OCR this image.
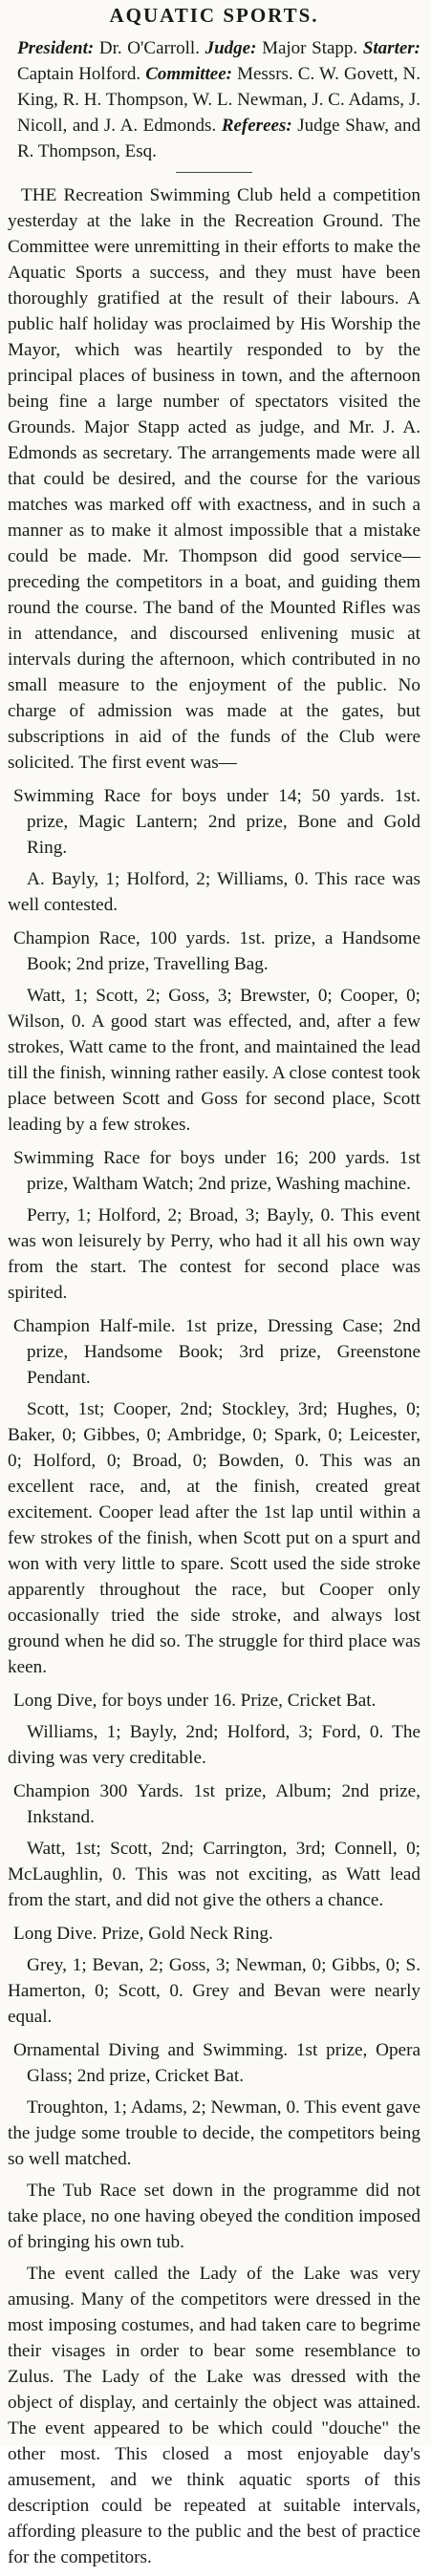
AQUATIC SPORTS.
President: Dr. O'Carroll. Judge: Major Stapp. Starter: Captain Holford. Committee: Messrs. C. W. Govett, N. King, R. H. Thompson, W. L. Newman, J. C. Adams, J. Nicoll, and J. A. Edmonds. Referees: Judge Shaw, and R. Thompson, Esq.

THE Recreation Swimming Club held a competition yesterday at the lake in the Recreation Ground. The Committee were unremitting in their efforts to make the Aquatic Sports a success, and they must have been thoroughly gratified at the result of their labours. A public half holiday was proclaimed by His Worship the Mayor, which was heartily responded to by the principal places of business in town, and the afternoon being fine a large number of spectators visited the Grounds. Major Stapp acted as judge, and Mr. J. A. Edmonds as secretary. The arrangements made were all that could be desired, and the course for the various matches was marked off with exactness, and in such a manner as to make it almost impossible that a mistake could be made. Mr. Thompson did good service—preceding the competitors in a boat, and guiding them round the course. The band of the Mounted Rifles was in attendance, and discoursed enlivening music at intervals during the afternoon, which contributed in no small measure to the enjoyment of the public. No charge of admission was made at the gates, but subscriptions in aid of the funds of the Club were solicited. The first event was—

Swimming Race for boys under 14; 50 yards. 1st. prize, Magic Lantern; 2nd prize, Bone and Gold Ring.

A. Bayly, 1; Holford, 2; Williams, 0. This race was well contested.

Champion Race, 100 yards. 1st. prize, a Handsome Book; 2nd prize, Travelling Bag.

Watt, 1; Scott, 2; Goss, 3; Brewster, 0; Cooper, 0; Wilson, 0. A good start was effected, and, after a few strokes, Watt came to the front, and maintained the lead till the finish, winning rather easily. A close contest took place between Scott and Goss for second place, Scott leading by a few strokes.

Swimming Race for boys under 16; 200 yards. 1st prize, Waltham Watch; 2nd prize, Washing machine.

Perry, 1; Holford, 2; Broad, 3; Bayly, 0. This event was won leisurely by Perry, who had it all his own way from the start. The contest for second place was spirited.

Champion Half-mile. 1st prize, Dressing Case; 2nd prize, Handsome Book; 3rd prize, Greenstone Pendant.

Scott, 1st; Cooper, 2nd; Stockley, 3rd; Hughes, 0; Baker, 0; Gibbes, 0; Ambridge, 0; Spark, 0; Leicester, 0; Holford, 0; Broad, 0; Bowden, 0. This was an excellent race, and, at the finish, created great excitement. Cooper lead after the 1st lap until within a few strokes of the finish, when Scott put on a spurt and won with very little to spare. Scott used the side stroke apparently throughout the race, but Cooper only occasionally tried the side stroke, and always lost ground when he did so. The struggle for third place was keen.

Long Dive, for boys under 16. Prize, Cricket Bat.

Williams, 1; Bayly, 2nd; Holford, 3; Ford, 0. The diving was very creditable.

Champion 300 Yards. 1st prize, Album; 2nd prize, Inkstand.

Watt, 1st; Scott, 2nd; Carrington, 3rd; Connell, 0; McLaughlin, 0. This was not exciting, as Watt lead from the start, and did not give the others a chance.

Long Dive. Prize, Gold Neck Ring.

Grey, 1; Bevan, 2; Goss, 3; Newman, 0; Gibbs, 0; S. Hamerton, 0; Scott, 0. Grey and Bevan were nearly equal.

Ornamental Diving and Swimming. 1st prize, Opera Glass; 2nd prize, Cricket Bat.

Troughton, 1; Adams, 2; Newman, 0. This event gave the judge some trouble to decide, the competitors being so well matched.

The Tub Race set down in the programme did not take place, no one having obeyed the condition imposed of bringing his own tub.

The event called the Lady of the Lake was very amusing. Many of the competitors were dressed in the most imposing costumes, and had taken care to begrime their visages in order to bear some resemblance to Zulus. The Lady of the Lake was dressed with the object of display, and certainly the object was attained. The event appeared to be which could "douche" the other most. This closed a most enjoyable day's amusement, and we think aquatic sports of this description could be repeated at suitable intervals, affording pleasure to the public and the best of practice for the competitors.
